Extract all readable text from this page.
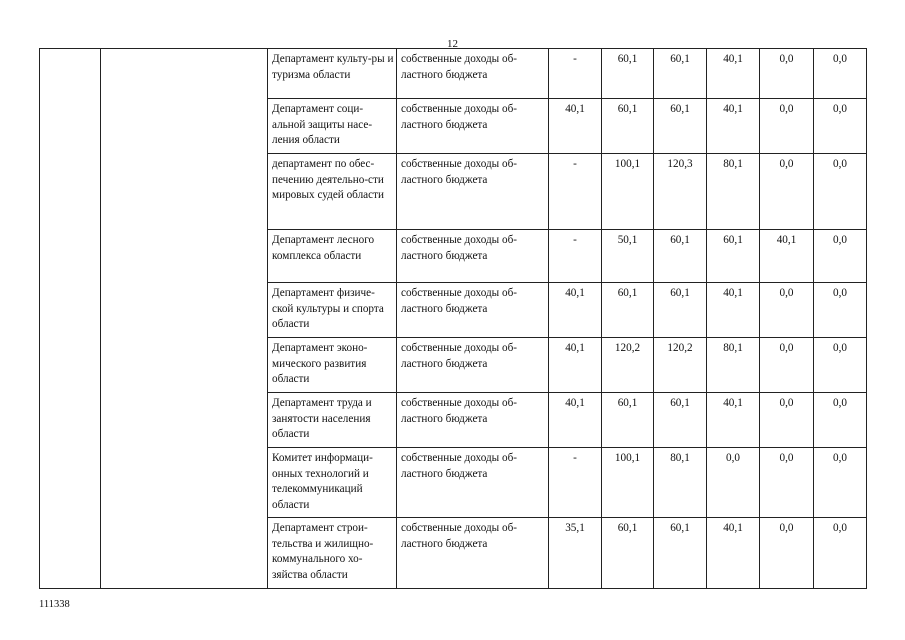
12
		Департамент культу-ры и туризма области	собственные доходы об-ластного бюджета	-	60,1	60,1	40,1	0,0	0,0
		Департамент соци-альной защиты насе-ления области	собственные доходы об-ластного бюджета	40,1	60,1	60,1	40,1	0,0	0,0
		департамент по обес-печению деятельно-сти мировых судей области	собственные доходы об-ластного бюджета	-	100,1	120,3	80,1	0,0	0,0
		Департамент лесного комплекса области	собственные доходы об-ластного бюджета	-	50,1	60,1	60,1	40,1	0,0
		Департамент физиче-ской культуры и спорта области	собственные доходы об-ластного бюджета	40,1	60,1	60,1	40,1	0,0	0,0
		Департамент эконо-мического развития области	собственные доходы об-ластного бюджета	40,1	120,2	120,2	80,1	0,0	0,0
		Департамент труда и занятости населения области	собственные доходы об-ластного бюджета	40,1	60,1	60,1	40,1	0,0	0,0
		Комитет информаци-онных технологий и телекоммуникаций области	собственные доходы об-ластного бюджета	-	100,1	80,1	0,0	0,0	0,0
		Департамент строи-тельства и жилищно-коммунального хо-зяйства области	собственные доходы об-ластного бюджета	35,1	60,1	60,1	40,1	0,0	0,0
111338
